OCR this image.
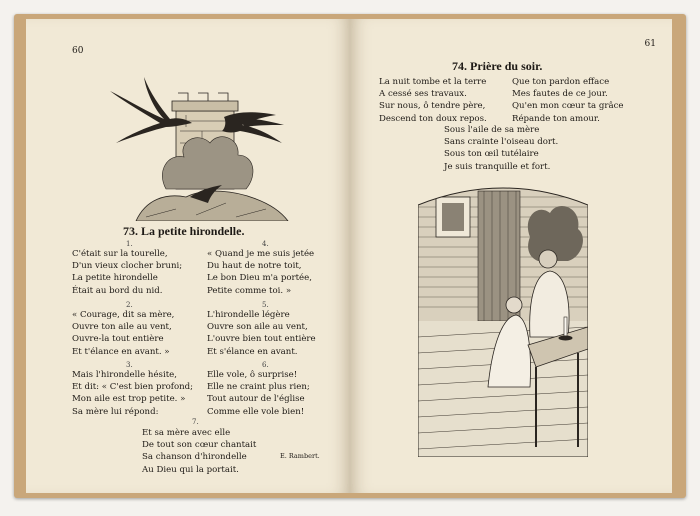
60
73. La petite hirondelle.
1.
C'était sur la tourelle,
D'un vieux clocher bruni;
La petite hirondelle
Était au bord du nid.
2.
« Courage, dit sa mère,
Ouvre ton aile au vent,
Ouvre-la tout entière
Et t'élance en avant. »
3.
Mais l'hirondelle hésite,
Et dit: « C'est bien profond;
Mon aile est trop petite. »
Sa mère lui répond:
4.
« Quand je me suis jetée
Du haut de notre toit,
Le bon Dieu m'a portée,
Petite comme toi. »
5.
L'hirondelle légère
Ouvre son aile au vent,
L'ouvre bien tout entière
Et s'élance en avant.
6.
Elle vole, ô surprise!
Elle ne craint plus rien;
Tout autour de l'église
Comme elle vole bien!
7.
Et sa mère avec elle
De tout son cœur chantait
Sa chanson d'hirondelle
Au Dieu qui la portait.
E. Rambert.
61
74. Prière du soir.
La nuit tombe et la terre
A cessé ses travaux.
Sur nous, ô tendre père,
Descend ton doux repos.
Que ton pardon efface
Mes fautes de ce jour.
Qu'en mon cœur ta grâce
Répande ton amour.
Sous l'aile de sa mère
Sans crainte l'oiseau dort.
Sous ton œil tutélaire
Je suis tranquille et fort.
